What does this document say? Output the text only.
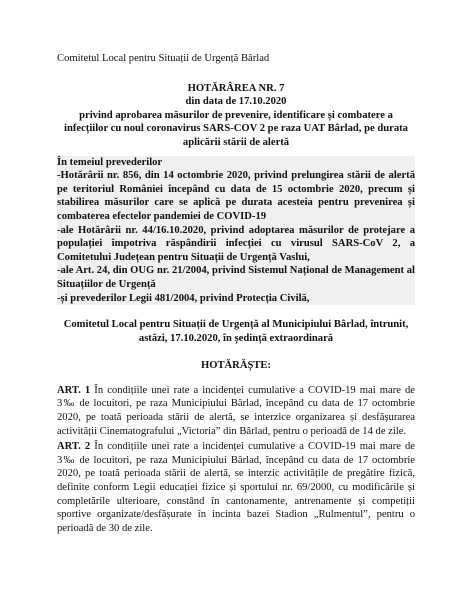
Comitetul Local pentru Situații de Urgență Bârlad
HOTĂRÂREA NR. 7
din data de 17.10.2020
privind aprobarea măsurilor de prevenire, identificare și combatere a
infecțiilor cu noul coronavirus SARS-COV 2 pe raza UAT Bârlad, pe durata
aplicării stării de alertă
În temeiul prevederilor
-Hotărârii nr. 856, din 14 octombrie 2020, privind prelungirea stării de alertă pe teritoriul României începând cu data de 15 octombrie 2020, precum și stabilirea măsurilor care se aplică pe durata acesteia pentru prevenirea și combaterea efectelor pandemiei de COVID-19
-ale Hotărârii nr. 44/16.10.2020, privind adoptarea măsurilor de protejare a populației împotriva răspândirii infecției cu virusul SARS-CoV 2, a Comitetului Județean pentru Situații de Urgență Vaslui,
-ale Art. 24, din OUG nr. 21/2004, privind Sistemul Național de Management al Situațiilor de Urgență
-și prevederilor Legii 481/2004, privind Protecția Civilă,
Comitetul Local pentru Situații de Urgență al Municipiului Bârlad, întrunit,
astăzi, 17.10.2020, în ședință extraordinară
HOTĂRĂȘTE:
ART. 1 În condițiile unei rate a incidenței cumulative a COVID-19 mai mare de 3‰ de locuitori, pe raza Municipiului Bârlad, începând cu data de 17 octombrie 2020, pe toată perioada stării de alertă, se interzice organizarea și desfășurarea activității Cinematografului „Victoria” din Bârlad, pentru o perioadă de 14 de zile.
ART. 2 În condițiile unei rate a incidenței cumulative a COVID-19 mai mare de 3‰ de locuitori, pe raza Municipiului Bârlad, începând cu data de 17 octombrie 2020, pe toată perioada stării de alertă, se interzic activitățile de pregătire fizică, definite conform Legii educației fizice și sportului nr. 69/2000, cu modificările și completările ulterioare, constând în cantonamente, antrenamente și competiții sportive organizate/desfășurate în incinta bazei Stadion „Rulmentul”, pentru o perioadă de 30 de zile.
